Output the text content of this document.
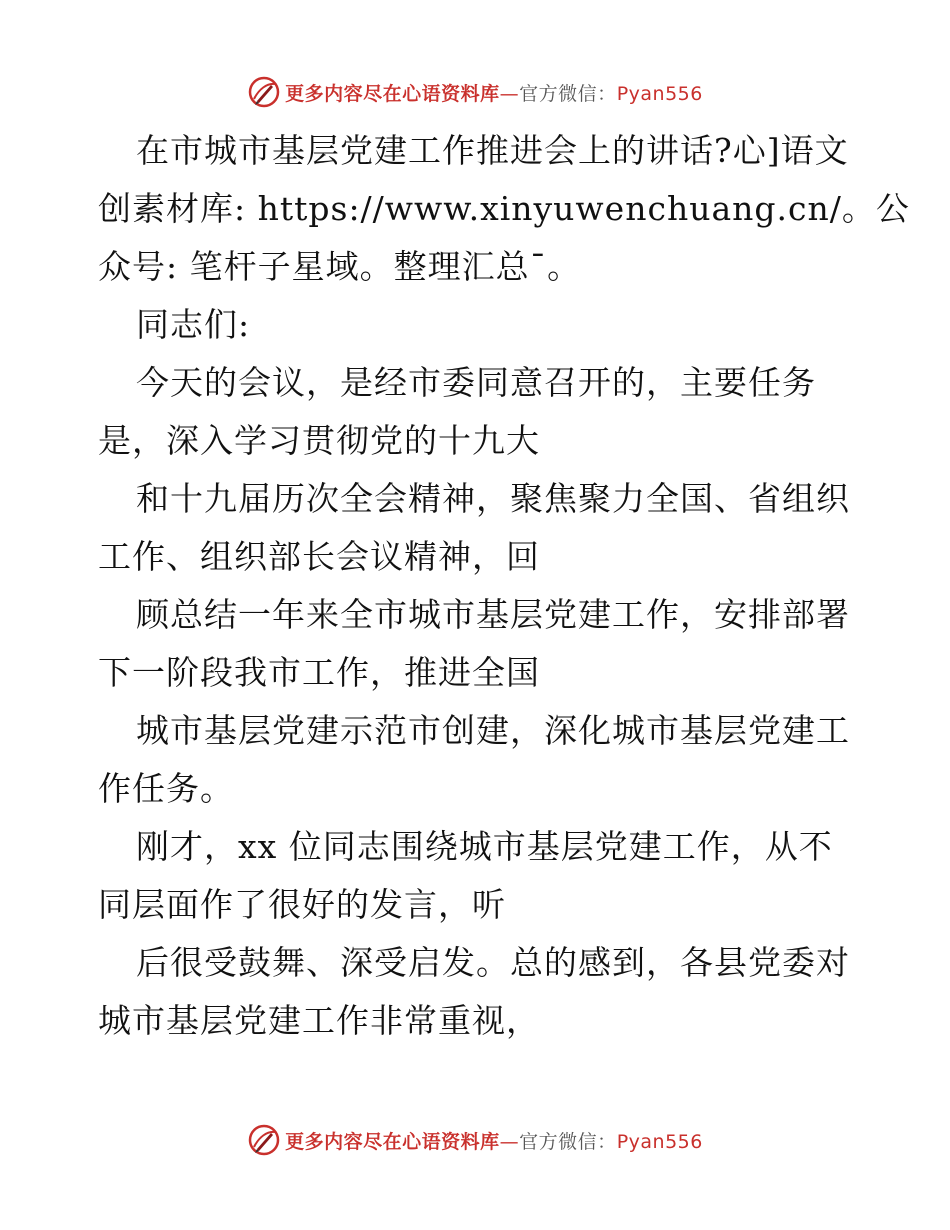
更多内容尽在心语资料库—官方微信：Pyan556
在市城市基层党建工作推进会上的讲话?心]语文
创素材库: https://www.xinyuwenchuang.cn/。公
众号: 笔杆子星域。整理汇总¯。
同志们:
今天的会议，是经市委同意召开的，主要任务
是，深入学习贯彻党的十九大
和十九届历次全会精神，聚焦聚力全国、省组织
工作、组织部长会议精神，回
顾总结一年来全市城市基层党建工作，安排部署
下一阶段我市工作，推进全国
城市基层党建示范市创建，深化城市基层党建工
作任务。
刚才，xx 位同志围绕城市基层党建工作，从不
同层面作了很好的发言，听
后很受鼓舞、深受启发。总的感到，各县党委对
城市基层党建工作非常重视，
更多内容尽在心语资料库—官方微信：Pyan556
